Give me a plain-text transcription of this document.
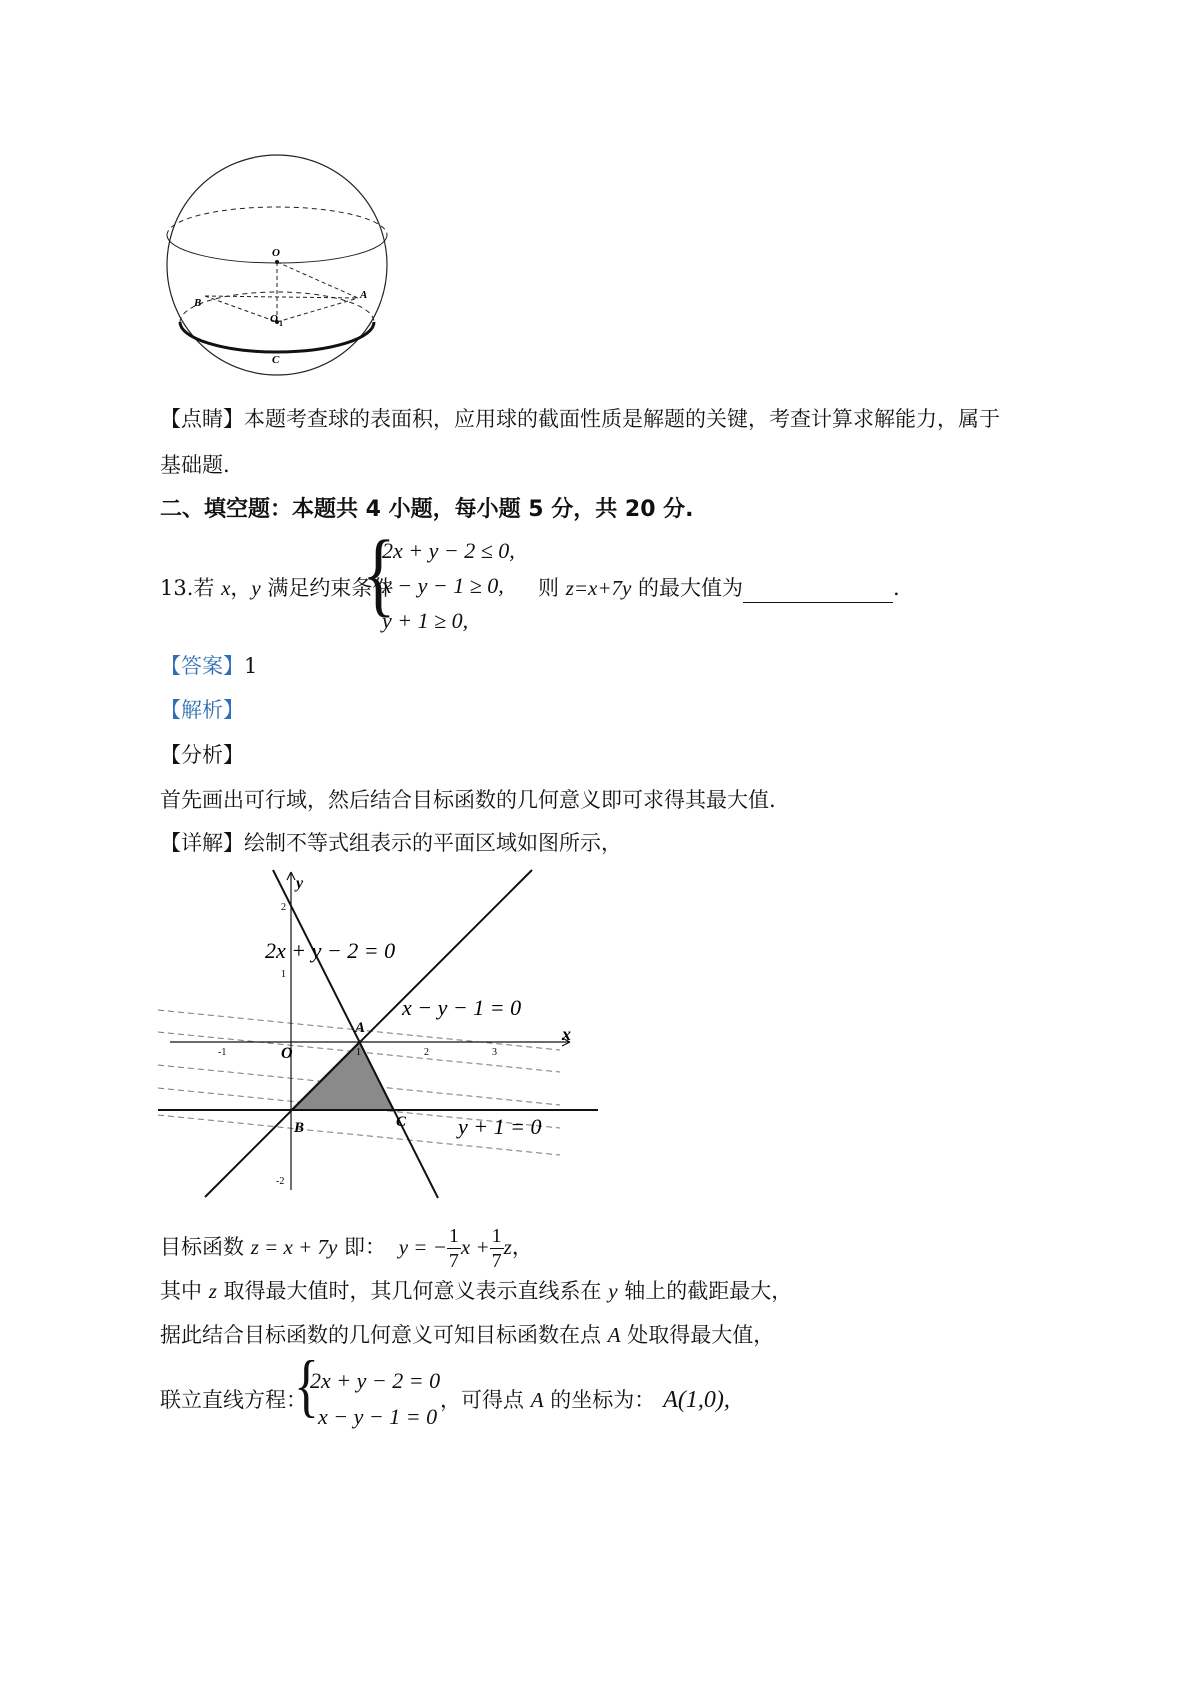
O
A
B
O 1
C
【点睛】本题考查球的表面积，应用球的截面性质是解题的关键，考查计算求解能力，属于
基础题.
二、填空题：本题共 4 小题，每小题 5 分，共 20 分.
13.若 x，y 满足约束条件
{
2x + y − 2 ≤ 0,
x − y − 1 ≥ 0,
y + 1 ≥ 0,
则 z=x+7y 的最大值为	.
【答案】1
【解析】
【分析】
首先画出可行域，然后结合目标函数的几何意义即可求得其最大值.
【详解】绘制不等式组表示的平面区域如图所示，
-1	1	2	3
2
1
-2
x
y
O
A
B	C
2x + y − 2 = 0
x − y − 1 = 0
y + 1 = 0
目标函数 z = x + 7y 即： y = − $\frac{1}{7}$ $x + \frac{1}{7}$ z，
其中 z 取得最大值时，其几何意义表示直线系在 y 轴上的截距最大，
据此结合目标函数的几何意义可知目标函数在点 A 处取得最大值，
联立直线方程：
{
2x + y − 2 = 0
x − y − 1 = 0
，可得点 A 的坐标为： A(1,0),
